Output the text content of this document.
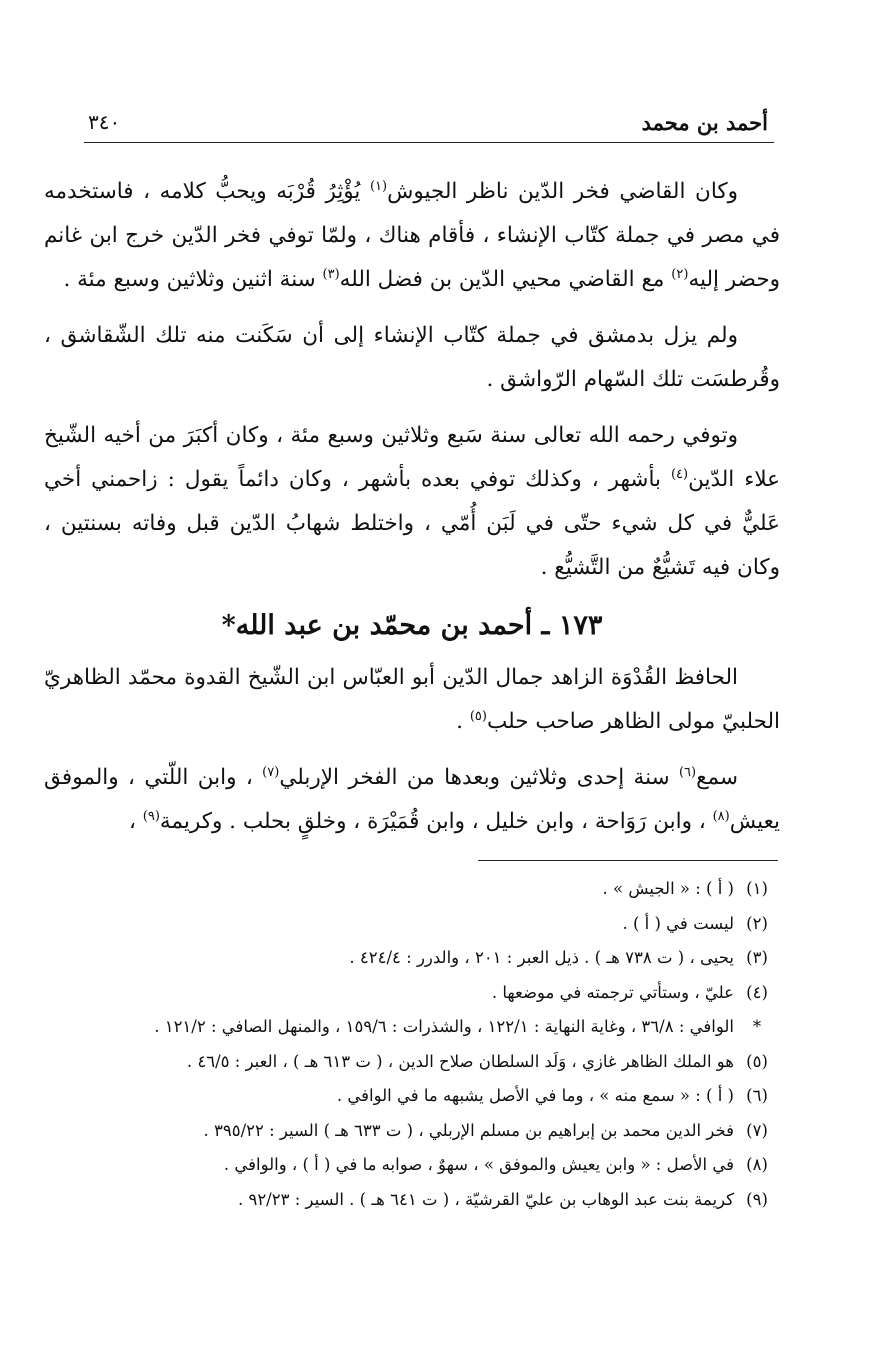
أحمد بن محمد
٣٤٠

وكان القاضي فخر الدّين ناظر الجيوش$^{(١)}$ يُؤْثِرُ قُرْبَه ويحبُّ كلامه ، فاستخدمه في مصر في جملة كتّاب الإنشاء ، فأقام هناك ، ولمّا توفي فخر الدّين خرج ابن غانم وحضر إليه$^{(٢)}$ مع القاضي محيي الدّين بن فضل الله$^{(٣)}$ سنة اثنين وثلاثين وسبع مئة .

ولم يزل بدمشق في جملة كتّاب الإنشاء إلى أن سَكَنت منه تلك الشّقاشق ، وقُرطسَت تلك السّهام الرّواشق .

وتوفي رحمه الله تعالى سنة سَبع وثلاثين وسبع مئة ، وكان أكبَرَ من أخيه الشّيخ علاء الدّين$^{(٤)}$ بأشهر ، وكذلك توفي بعده بأشهر ، وكان دائماً يقول : زاحمني أخي عَليٌّ في كل شيء حتّى في لَبَن أُمّي ، واختلط شهابُ الدّين قبل وفاته بسنتين ، وكان فيه تَشيُّعٌ من التَّشيُّع .

١٧٣ ـ أحمد بن محمّد بن عبد الله*

الحافظ القُدْوَة الزاهد جمال الدّين أبو العبّاس ابن الشّيخ القدوة محمّد الظاهريّ الحلبيّ مولى الظاهر صاحب حلب$^{(٥)}$ .

سمع$^{(٦)}$ سنة إحدى وثلاثين وبعدها من الفخر الإربلي$^{(٧)}$ ، وابن اللّتي ، والموفق يعيش$^{(٨)}$ ، وابن رَوَاحة ، وابن خليل ، وابن قُمَيْرَة ، وخلقٍ بحلب . وكريمة$^{(٩)}$ ،

(١)
( أ ) : « الجيش » .
(٢)
ليست في ( أ ) .
(٣)
يحيى ، ( ت ٧٣٨ هـ ) . ذيل العبر : ٢٠١ ، والدرر : ٤٢٤/٤ .
(٤)
عليّ ، وستأتي ترجمته في موضعها .
*
الوافي : ٣٦/٨ ، وغاية النهاية : ١٢٢/١ ، والشذرات : ١٥٩/٦ ، والمنهل الصافي : ١٢١/٢ .
(٥)
هو الملك الظاهر غازي ، وَلَد السلطان صلاح الدين ، ( ت ٦١٣ هـ ) ، العبر : ٤٦/٥ .
(٦)
( أ ) : « سمع منه » ، وما في الأصل يشبهه ما في الوافي .
(٧)
فخر الدين محمد بن إبراهيم بن مسلم الإربلي ، ( ت ٦٣٣ هـ ) السير : ٣٩٥/٢٢ .
(٨)
في الأصل : « وابن يعيش والموفق » ، سهوٌ ، صوابه ما في ( أ ) ، والوافي .
(٩)
كريمة بنت عبد الوهاب بن عليّ القرشيّة ، ( ت ٦٤١ هـ ) . السير : ٩٢/٢٣ .
